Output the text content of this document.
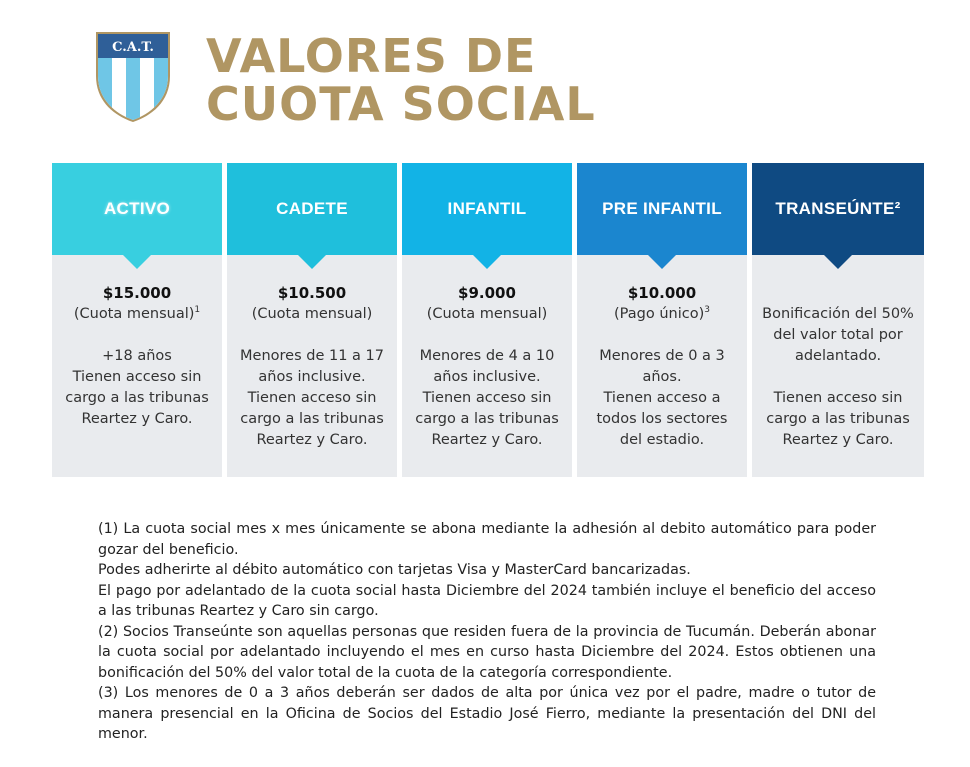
C.A.T. VALORES DE
CUOTA SOCIAL
ACTIVO
$15.000
(Cuota mensual)$^1$
+18 años
Tienen acceso sin
cargo a las tribunas
Reartez y Caro.
CADETE
$10.500
(Cuota mensual)
Menores de 11 a 17
años inclusive.
Tienen acceso sin
cargo a las tribunas
Reartez y Caro.
INFANTIL
$9.000
(Cuota mensual)
Menores de 4 a 10
años inclusive.
Tienen acceso sin
cargo a las tribunas
Reartez y Caro.
PRE INFANTIL
$10.000
(Pago único)$^3$
Menores de 0 a 3
años.
Tienen acceso a
todos los sectores
del estadio.
TRANSEÚNTE²
Bonificación del 50%
del valor total por
adelantado.
Tienen acceso sin
cargo a las tribunas
Reartez y Caro.

(1) La cuota social mes x mes únicamente se abona mediante la adhesión al debito automático para poder gozar del beneficio.

Podes adherirte al débito automático con tarjetas Visa y MasterCard bancarizadas.

El pago por adelantado de la cuota social hasta Diciembre del 2024 también incluye el beneficio del acceso a las tribunas Reartez y Caro sin cargo.

(2) Socios Transeúnte son aquellas personas que residen fuera de la provincia de Tucumán. Deberán abonar la cuota social por adelantado incluyendo el mes en curso hasta Diciembre del 2024. Estos obtienen una bonificación del 50% del valor total de la cuota de la categoría correspondiente.

(3) Los menores de 0 a 3 años deberán ser dados de alta por única vez por el padre, madre o tutor de manera presencial en la Oficina de Socios del Estadio José Fierro, mediante la presentación del DNI del menor.
